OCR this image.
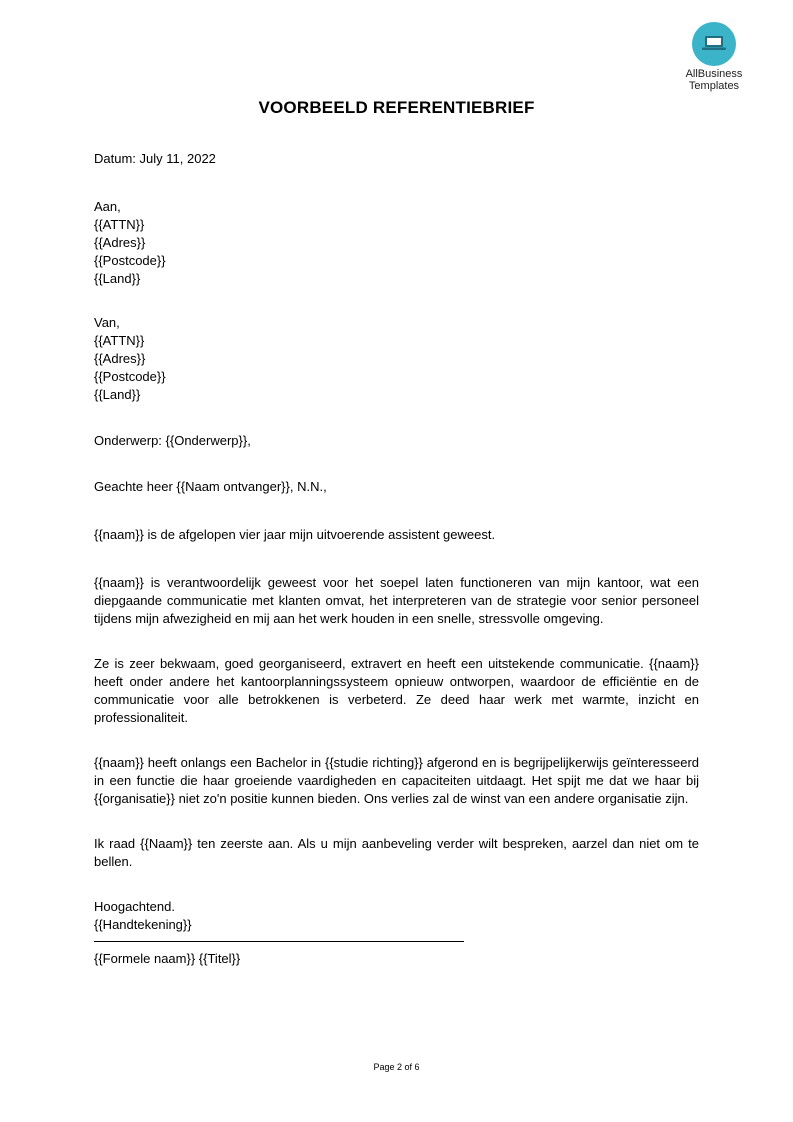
AllBusiness
Templates
VOORBEELD REFERENTIEBRIEF

Datum: July 11, 2022

Aan,
{{ATTN}}
{{Adres}}
{{Postcode}}
{{Land}}
Van,
{{ATTN}}
{{Adres}}
{{Postcode}}
{{Land}}

Onderwerp: {{Onderwerp}},

Geachte heer {{Naam ontvanger}}, N.N.,

{{naam}} is de afgelopen vier jaar mijn uitvoerende assistent geweest.

{{naam}} is verantwoordelijk geweest voor het soepel laten functioneren van mijn kantoor, wat een diepgaande communicatie met klanten omvat, het interpreteren van de strategie voor senior personeel tijdens mijn afwezigheid en mij aan het werk houden in een snelle, stressvolle omgeving.

Ze is zeer bekwaam, goed georganiseerd, extravert en heeft een uitstekende communicatie. {{naam}} heeft onder andere het kantoorplanningssysteem opnieuw ontworpen, waardoor de efficiëntie en de communicatie voor alle betrokkenen is verbeterd. Ze deed haar werk met warmte, inzicht en professionaliteit.

{{naam}} heeft onlangs een Bachelor in {{studie richting}} afgerond en is begrijpelijkerwijs geïnteresseerd in een functie die haar groeiende vaardigheden en capaciteiten uitdaagt. Het spijt me dat we haar bij {{organisatie}} niet zo'n positie kunnen bieden. Ons verlies zal de winst van een andere organisatie zijn.

Ik raad {{Naam}} ten zeerste aan. Als u mijn aanbeveling verder wilt bespreken, aarzel dan niet om te bellen.

Hoogachtend.

{{Handtekening}}

{{Formele naam}} {{Titel}}

Page 2 of 6
